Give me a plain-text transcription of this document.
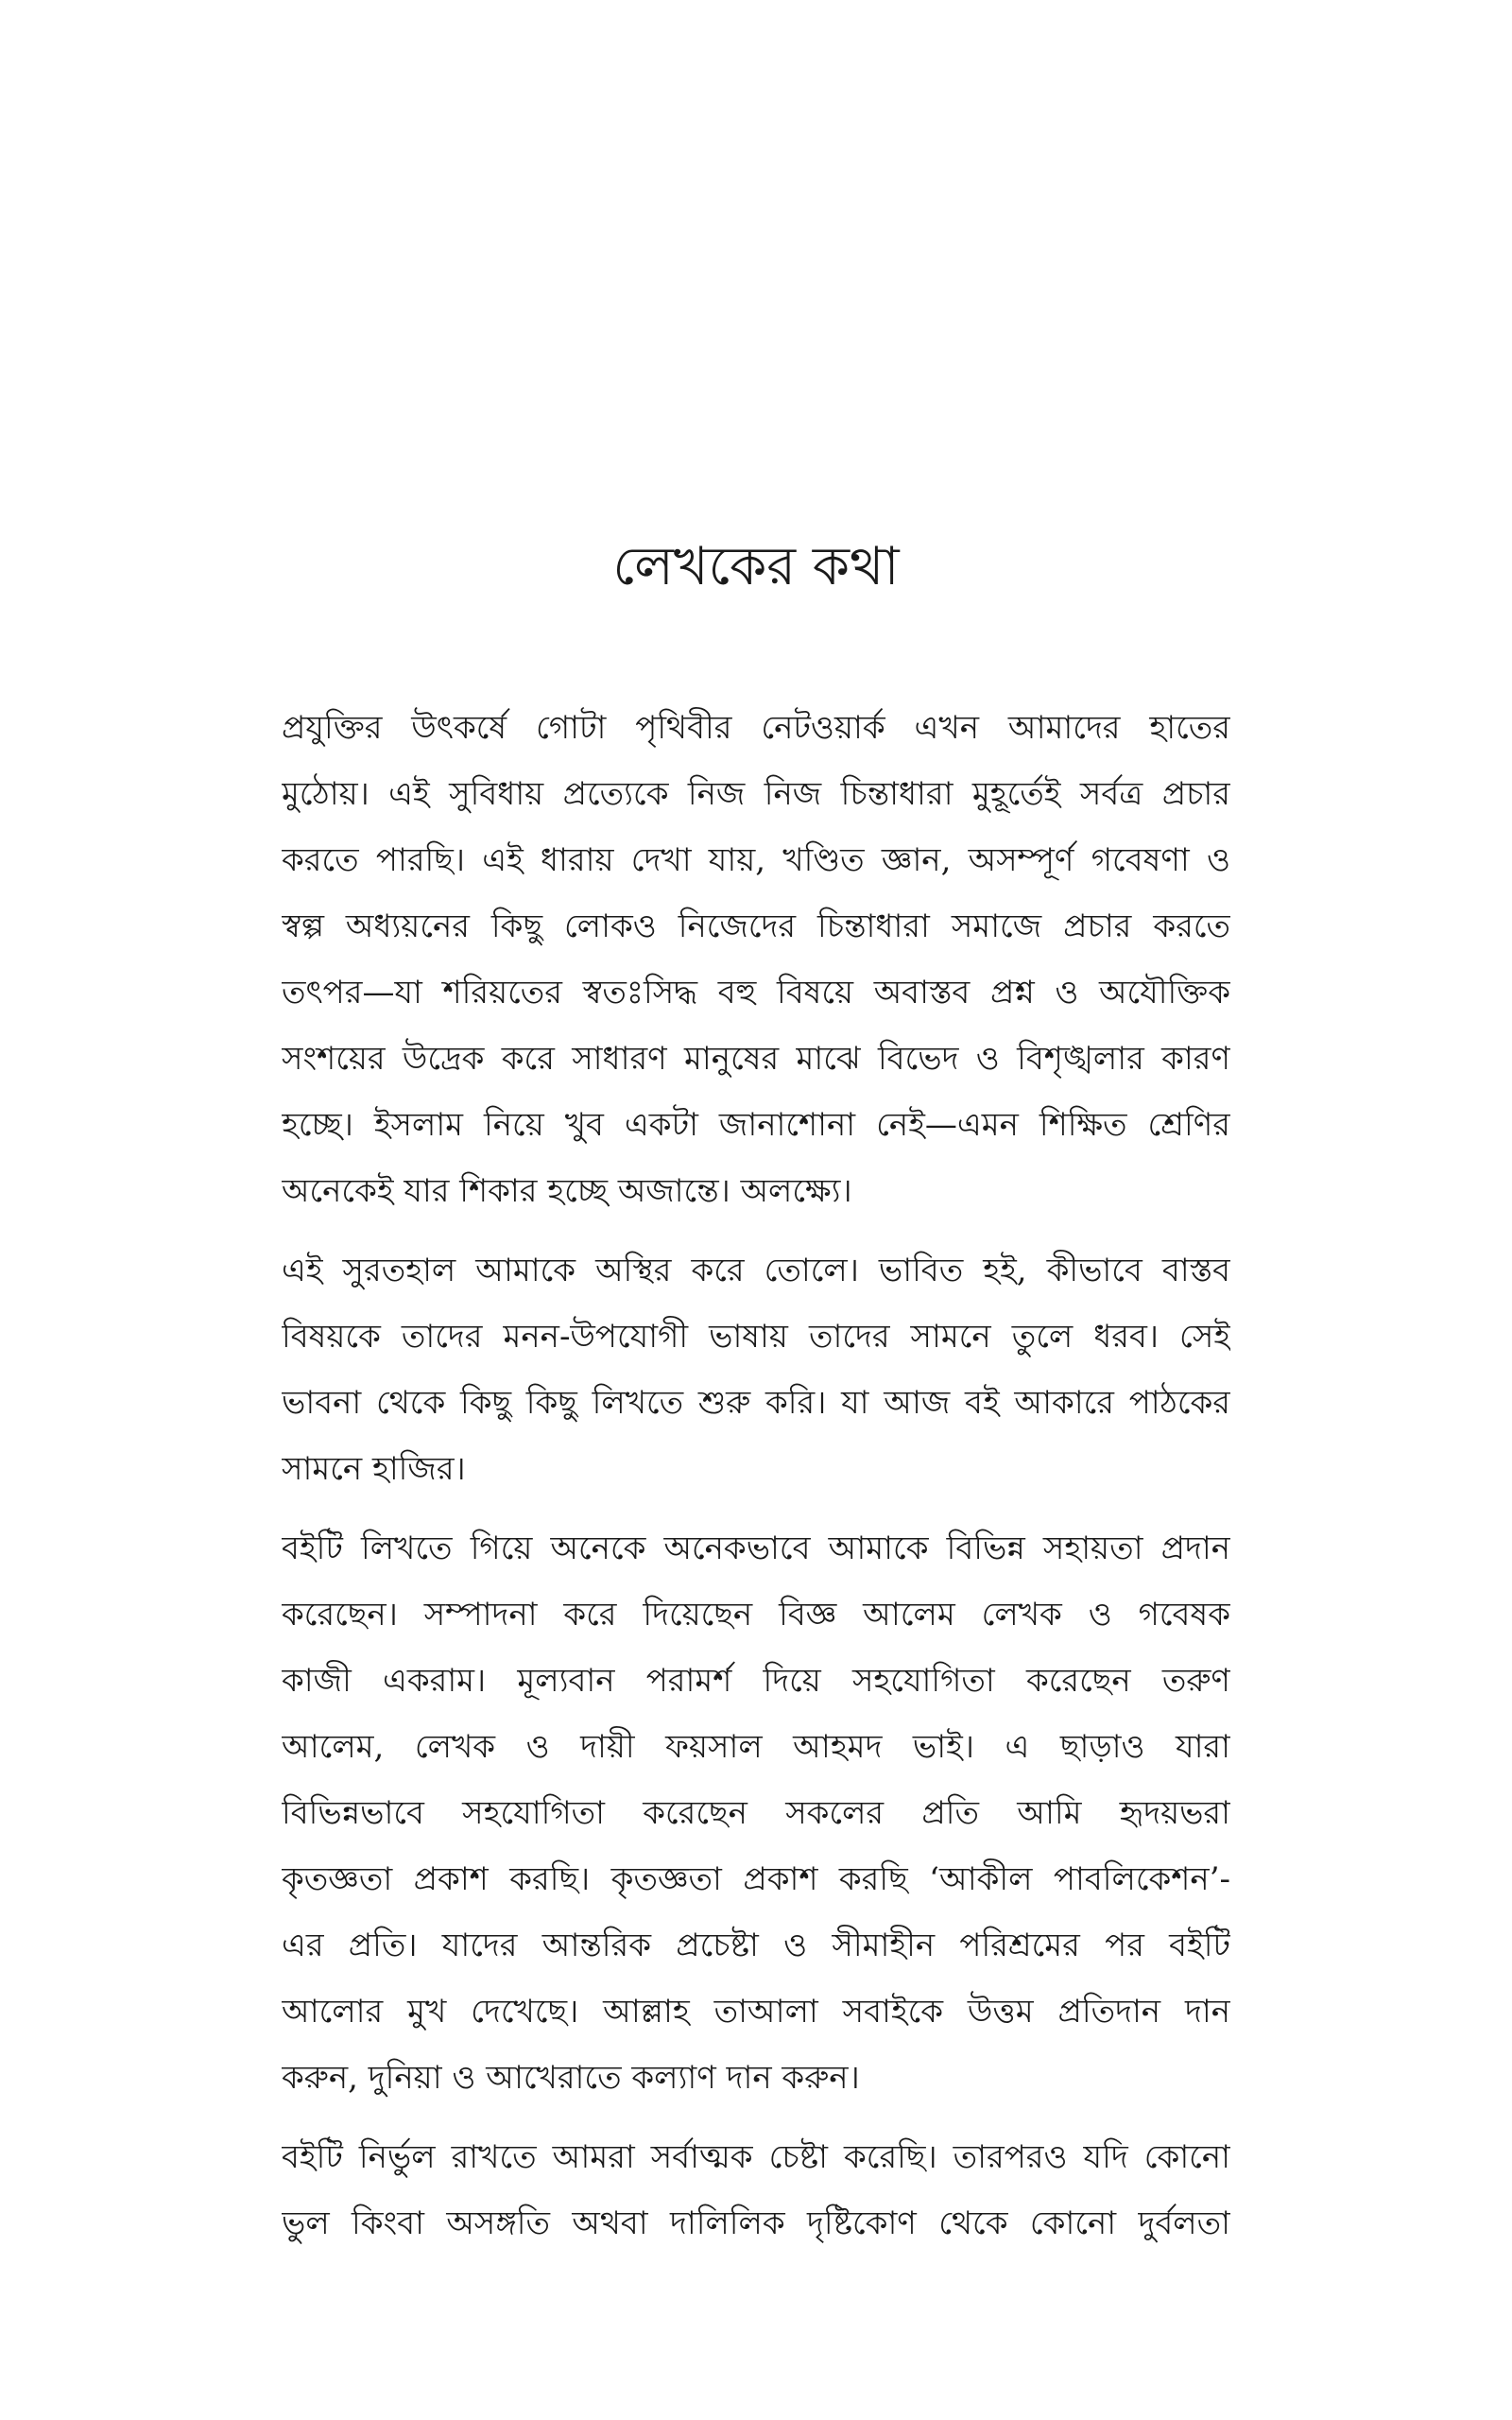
লেখকের কথা

প্রযুক্তির উৎকর্ষে গোটা পৃথিবীর নেটওয়ার্ক এখন আমাদের হাতের
মুঠোয়। এই সুবিধায় প্রত্যেকে নিজ নিজ চিন্তাধারা মুহূর্তেই সর্বত্র প্রচার
করতে পারছি। এই ধারায় দেখা যায়, খণ্ডিত জ্ঞান, অসম্পূর্ণ গবেষণা ও
স্বল্প অধ্যয়নের কিছু লোকও নিজেদের চিন্তাধারা সমাজে প্রচার করতে
তৎপর—যা শরিয়তের স্বতঃসিদ্ধ বহু বিষয়ে অবাস্তব প্রশ্ন ও অযৌক্তিক
সংশয়ের উদ্রেক করে সাধারণ মানুষের মাঝে বিভেদ ও বিশৃঙ্খলার কারণ
হচ্ছে। ইসলাম নিয়ে খুব একটা জানাশোনা নেই—এমন শিক্ষিত শ্রেণির
অনেকেই যার শিকার হচ্ছে অজান্তে। অলক্ষ্যে।

এই সুরতহাল আমাকে অস্থির করে তোলে। ভাবিত হই, কীভাবে বাস্তব
বিষয়কে তাদের মনন-উপযোগী ভাষায় তাদের সামনে তুলে ধরব। সেই
ভাবনা থেকে কিছু কিছু লিখতে শুরু করি। যা আজ বই আকারে পাঠকের
সামনে হাজির।

বইটি লিখতে গিয়ে অনেকে অনেকভাবে আমাকে বিভিন্ন সহায়তা প্রদান
করেছেন। সম্পাদনা করে দিয়েছেন বিজ্ঞ আলেম লেখক ও গবেষক
কাজী একরাম। মূল্যবান পরামর্শ দিয়ে সহযোগিতা করেছেন তরুণ
আলেম, লেখক ও দায়ী ফয়সাল আহমদ ভাই। এ ছাড়াও যারা
বিভিন্নভাবে সহযোগিতা করেছেন সকলের প্রতি আমি হৃদয়ভরা
কৃতজ্ঞতা প্রকাশ করছি। কৃতজ্ঞতা প্রকাশ করছি ‘আকীল পাবলিকেশন’-
এর প্রতি। যাদের আন্তরিক প্রচেষ্টা ও সীমাহীন পরিশ্রমের পর বইটি
আলোর মুখ দেখেছে। আল্লাহ তাআলা সবাইকে উত্তম প্রতিদান দান
করুন, দুনিয়া ও আখেরাতে কল্যাণ দান করুন।

বইটি নির্ভুল রাখতে আমরা সর্বাত্মক চেষ্টা করেছি। তারপরও যদি কোনো
ভুল কিংবা অসঙ্গতি অথবা দালিলিক দৃষ্টিকোণ থেকে কোনো দুর্বলতা
